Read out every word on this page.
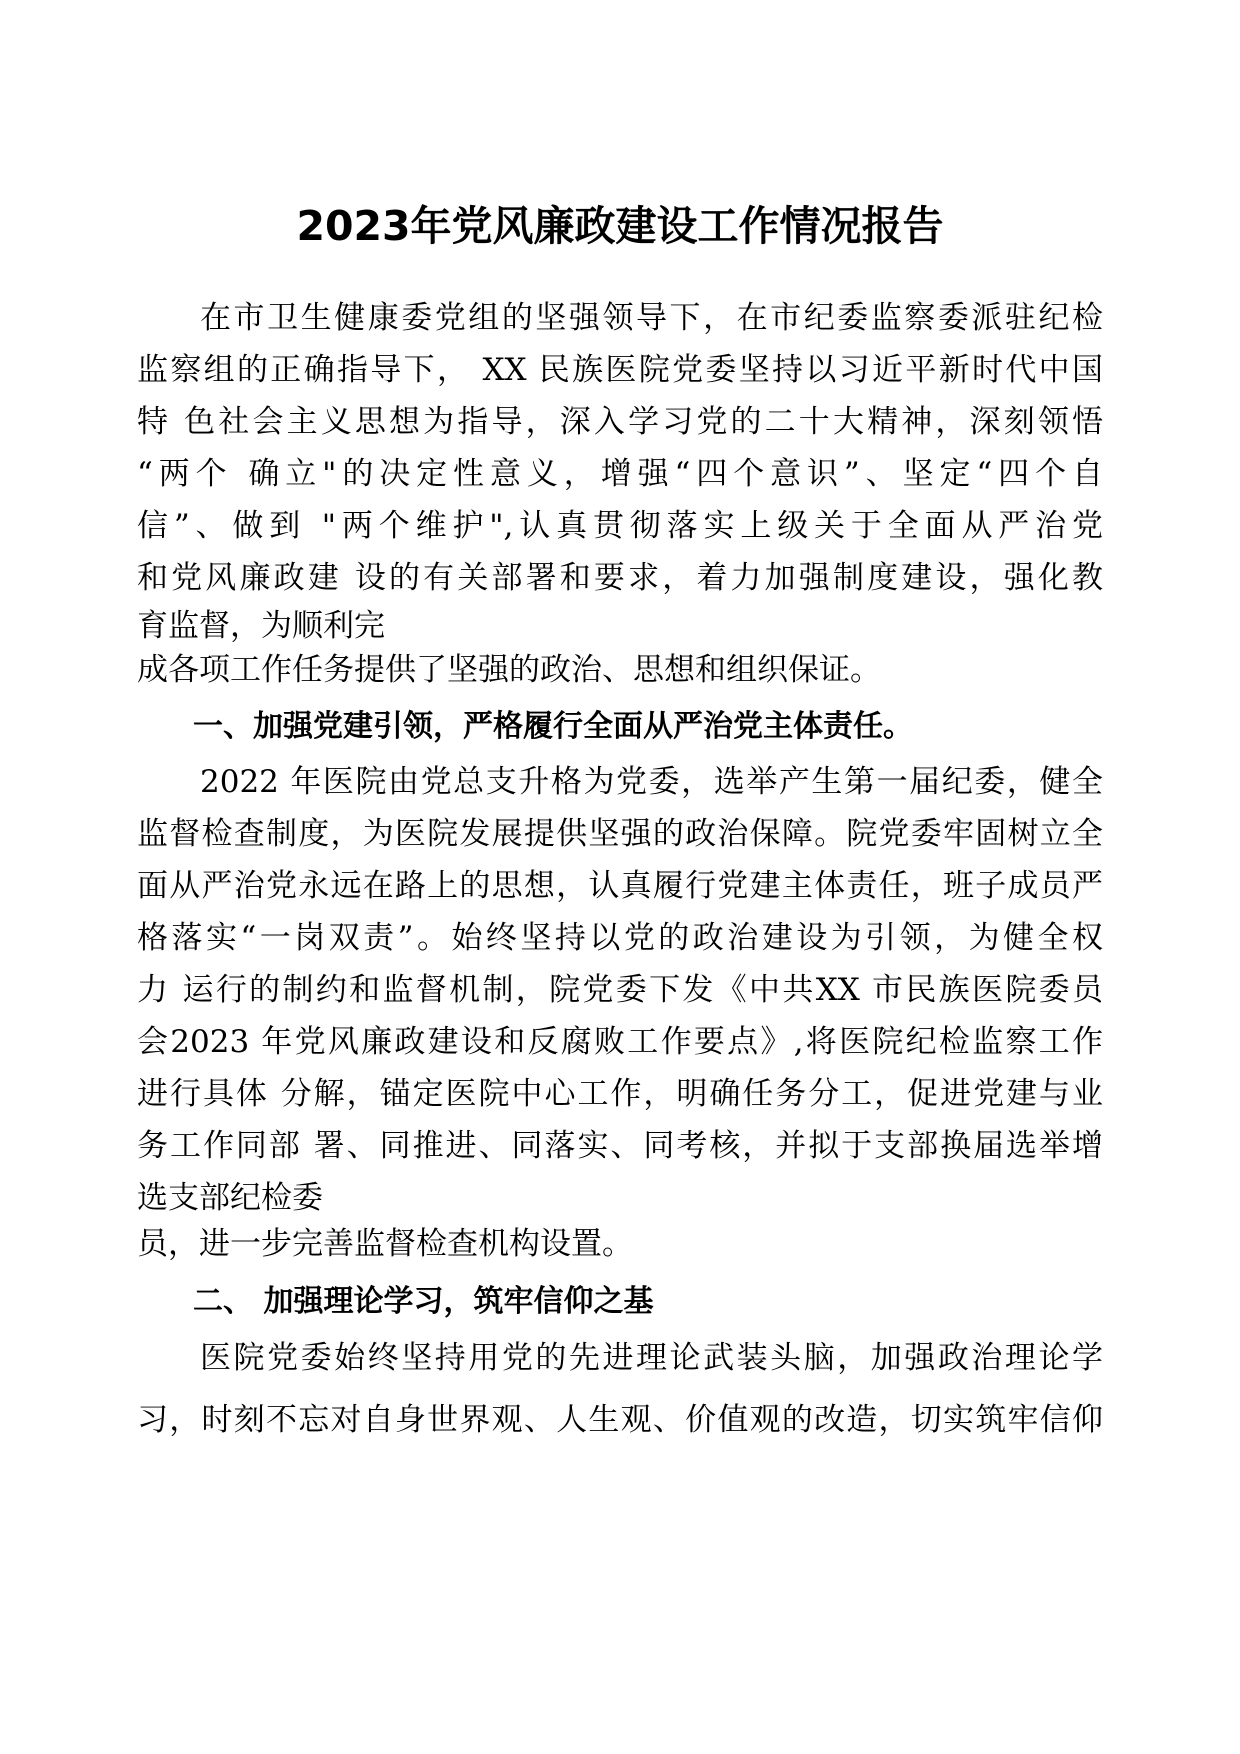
2023年党风廉政建设工作情况报告

在市卫生健康委党组的坚强领导下，在市纪委监察委派驻纪检

监察组的正确指导下， XX 民族医院党委坚持以习近平新时代中国

特 色社会主义思想为指导，深入学习党的二十大精神，深刻领悟

“两个 确立"的决定性意义，增强“四个意识”、坚定“四个自

信”、做到 "两个维护",认真贯彻落实上级关于全面从严治党

和党风廉政建 设的有关部署和要求，着力加强制度建设，强化教

育监督，为顺利完

成各项工作任务提供了坚强的政治、思想和组织保证。

一、加强党建引领，严格履行全面从严治党主体责任。

2022 年医院由党总支升格为党委，选举产生第一届纪委，健全

监督检查制度，为医院发展提供坚强的政治保障。院党委牢固树立全

面从严治党永远在路上的思想，认真履行党建主体责任，班子成员严

格落实“一岗双责”。始终坚持以党的政治建设为引领，为健全权

力 运行的制约和监督机制，院党委下发《中共XX 市民族医院委员

会2023 年党风廉政建设和反腐败工作要点》,将医院纪检监察工作

进行具体 分解，锚定医院中心工作，明确任务分工，促进党建与业

务工作同部 署、同推进、同落实、同考核，并拟于支部换届选举增

选支部纪检委

员，进一步完善监督检查机构设置。

二、 加强理论学习，筑牢信仰之基

医院党委始终坚持用党的先进理论武装头脑，加强政治理论学

习，时刻不忘对自身世界观、人生观、价值观的改造，切实筑牢信仰
